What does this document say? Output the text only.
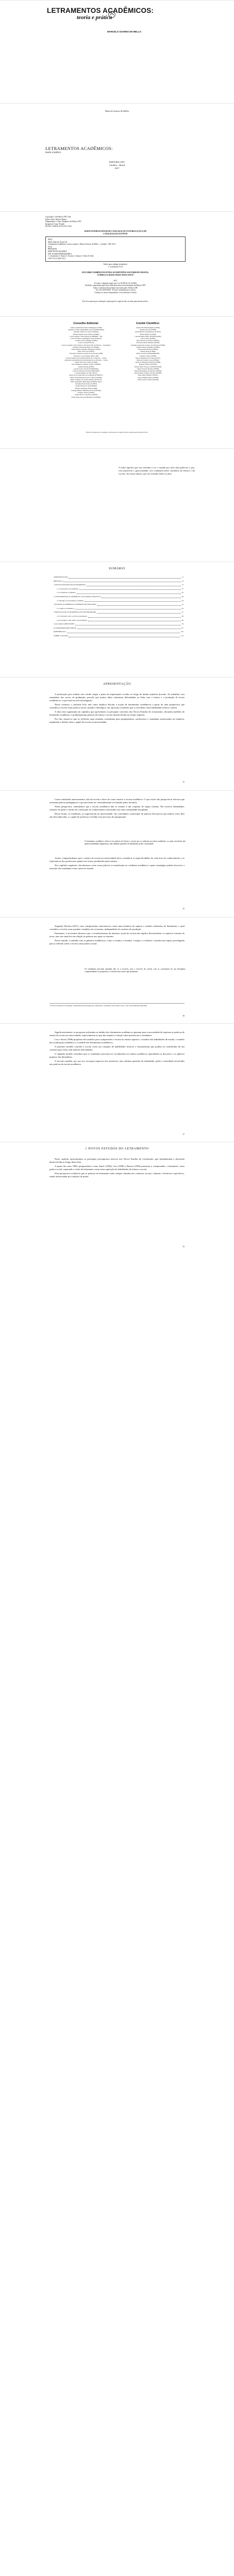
LETRAMENTOS ACADÊMICOS:
teoria e prática
MARCELO SOARES DE MELLO
Marcelo Soares de Mello
LETRAMENTOS ACADÊMICOS:
teoria e prática
EDITORA CRV
Curitiba – Brasil
2017
Copyright © da Editora CRV Ltda.
Editor-chefe: Railson Moura
Diagramação e Capa: Designers da Editora CRV
Imagem de Capa: Freepik
Revisão: Analista de Escrita e Artes
DADOS INTERNACIONAIS DE CATALOGAÇÃO NA PUBLICAÇÃO (CIP)
CATALOGAÇÃO NA FONTE
M527
Mello, Marcelo Soares de.
Letramentos acadêmicos: teoria e prática / Marcelo Soares de Mello – Curitiba : CRV, 2017.
116 p.
Bibliografia
ISBN 978-85-444-2060-2
DOI 10.24824/978854442060.2
1. Letramento 2. Ensino 3. Escrita 4. Leitura I. Título II. Série
CDU 372.4 CDD 372.4
Índice para catálogo sistemático
1. Letramento 372.4
ESTA OBRA TAMBÉM ENCONTRA-SE DISPONÍVEL EM FORMATO DIGITAL.
CONHEÇA E BAIXE NOSSO APLICATIVO!
2017
Foi feito o depósito legal conf. Lei 10.994 de 14/12/2004
Proibida a reprodução parcial ou total desta obra sem autorização da Editora CRV
Todos os direitos desta edição reservados pela: Editora CRV
Tel.: (41) 3039-6418 - E-mail: sac@editoracrv.com.br
Conheça os nossos lançamentos: www.editoracrv.com.br
Este livro passou por avaliação e aprovação às cegas de dois ou mais pareceristas ad hoc.
Conselho Editorial:
Aldira Guimarães Duarte Domínguez (UNB)
Andréia da Silva Quintanilha Sousa (UNIR/UFRN)
Anselmo Alencar Colares (UFOPA)
Antônio Pereira Gaio Júnior (UFRRJ)
Carlos Alberto Vilar Estêvão (UMINHO – PT)
Carlos Federico Dominguez Avila (Unieuro)
Carmen Tereza Velanga (UNIR)
Celso Conti (UFSCar)
Cesar Gerónimo Tello (Univer .Nacional Três de Febrero – Argentina)
Eduardo Fernandes Barbosa (UFMG)
Elione Maria Nogueira Diogenes (UFAL)
Élsio José Corá (UFFS)
Fernando Antônio Gonçalves Alcoforado (IPB)
Francisco Carlos Duarte (PUC-PR)
Gloria Fariñas León (Universidade de La Havana – Cuba)
Guillermo Arias Beatón (Universidade de La Havana – Cuba)
Jailson Alves dos Santos (UFRJ)
João Adalberto Campato Junior (UNESP)
Josania Portela (UFPI)
Leonel Severo Rocha (UNISINOS)
Lídia de Oliveira Xavier (UNIEURO)
Lourdes Helena da Silva (UFV)
Maria de Lourdes Pinto de Almeida (UNOESC)
Maria Lília Imbiriba Sousa Colares (UFOPA)
Maria Cristina dos Santos Bezerra (UFSCar)
Paulo Romualdo Hernandes (UNIFAL-MG)
Rodrigo Pratte-Santos (UFES)
Sérgio Nunes de Jesus (IFRO)
Simone Rodrigues Pinto (UNB)
Solange Helena Ximenes-Rocha (UFOPA)
Sydione Santos (UEPG)
Tadeu Oliver Gonçalves (UFPA)
Tania Suely Azevedo Brasileiro (UFOPA)
Comitê Científico:
Andrea Bonfim Perdigão (UFPR)
Andréia Tornel (UFPR)
Arlete Ribeiro Nepomuceno (UESC)
Bruna Ribeiro (UEM)
Claudia Maris Tullio (UNICENTRO)
Clécio Dutra (UFPR)
Elisa Morais de Moura (UFMG)
Franciele Maria Martiny (UFPR)
Geslaine Aparecida Caetano de Oliveira (UFPR)
Janaína Kaiser Fagundes (UFPR)
Jassia Alana Baratta (UFPR)
Juliana Rossi (UFPR)
Kátia Lacerda (UNIANDRADE)
Lidiane Coelho (UFPR)
Marcio Henrique de Souza (UFSC)
Mirella Cristina Costa (UFMA)
Newton Taniguchi Teixeira (UFPR)
Rogério Oliveira (UEPG)
Sandra Mara Stroparo (UNICENTRO)
Sérgio Ferreira Batista (UFPR)
Simone Rodrigues de Oliveira (UFPR)
Sylvia Maria Campos Teixeira (UFPR)
Tania Maria Ribeiro (UEPG)
Tiago Olimpio Prado (UFPR)
Vania Lúcia de Melo (UFAM)
Este livro passou por avaliação e aprovação às cegas de dois ou mais pareceristas ad hoc.
A todos aqueles que nos ensinam a ver o mundo por meio das palavras e que, com paciência e generosidade, nos conduzem pelos caminhos da leitura e da escrita. Aos meus alunos, que me ensinam todos os dias.
SUMÁRIO
APRESENTAÇÃO	11
PREFÁCIO	13
1 NOVOS ESTUDOS DO LETRAMENTO	15
1.1 Concepções de letramento	17
1.2 Letramento acadêmico	22
2 LETRAMENTOS ACADÊMICOS: DA TEORIA À PRÁTICA	29
2.1 Modelos de letramento acadêmico	33
3 ESCRITA ACADÊMICA E GÊNEROS DO DISCURSO	41
3.1 Gêneros acadêmicos	45
4 PRÁTICAS DE LETRAMENTO NA UNIVERSIDADE	57
4.1 O trabalho com a escrita na graduação	60
4.2 A pesquisa como prática de letramento	68
5 ALGUMAS REFLEXÕES	79
6 CONSIDERAÇÕES FINAIS	97
REFERÊNCIAS	105
SOBRE O AUTOR	115
APRESENTAÇÃO

A motivação para realizar este estudo surgiu a partir de inquietações vividas ao longo de minha trajetória docente. Ao trabalhar com estudantes dos cursos de graduação, percebi que muitos deles enfrentam dificuldades ao lidar com a leitura e a produção de textos acadêmicos, o que motivou esta investigação.

Nesse contexto, o presente livro tem como objetivo discutir a noção de letramentos acadêmicos a partir de uma perspectiva que considera a escrita como prática social, situada e ideológica, em oposição a modelos que a concebem como habilidade técnica e neutra.

A obra está organizada em capítulos que apresentam os principais conceitos dos Novos Estudos do Letramento, discutem modelos de letramento acadêmico e problematizam práticas de leitura e escrita desenvolvidas no ensino superior.

Por fim, espera-se que as reflexões aqui reunidas contribuam para pesquisadores, professores e estudantes interessados na temática, ampliando o debate sobre o papel da escrita na universidade.

11

Como enfatizado anteriormente, não há receita a dizer de como ensinar a escrita acadêmica. O que existe são perspectivas teóricas que orientam práticas pedagógicas e que precisam ser constantemente revisitadas pelos docentes.

Nesta perspectiva, entendemos que a escrita acadêmica não se resume a um conjunto de regras formais. Ela envolve identidades, relações de poder e modos de construção do conhecimento valorizados em cada comunidade disciplinar.

Dessa forma, os estudantes, ao ingressarem na universidade, são convidados a participar de práticas discursivas que muitas vezes lhes são desconhecidas, e o papel do professor é mediar esse processo de apropriação.

O letramento acadêmico refere-se às práticas de leitura e escrita que se realizam na esfera acadêmica, as quais envolvem não apenas habilidades linguísticas, mas também questões de identidade, poder e autoridade.

Assim, compreendemos que o ensino da escrita na universidade deve considerar as especificidades de cada área do conhecimento e as expectativas dos professores quanto aos textos produzidos pelos alunos.

Nos capítulos seguintes, discutiremos como essas práticas se manifestam no cotidiano acadêmico e quais estratégias podem favorecer a inserção dos estudantes nesse universo letrado.

15

Segundo Oliveira (2011), essa compreensão caracteriza-se como uma tentativa de superar o modelo autônomo de letramento, o qual considera a escrita como produto completo em si mesmo, independente do contexto de produção.

Entretanto, é necessário destacar que o reconhecimento da natureza social da escrita não implica desconsiderar os aspectos formais do texto, mas sim situá-los em relação às práticas nas quais se inserem.

Nesse sentido, o trabalho com os gêneros acadêmicos, como o resumo, a resenha, o artigo e o relatório, constitui um espaço privilegiado para a reflexão sobre a escrita como prática social.

Os estudantes precisam aprender não só a escrever, mas a escrever de acordo com as convenções de sua disciplina, compreendendo os propósitos e os leitores dos textos que produzem.
¹ Os Novos Estudos do Letramento constituem uma abordagem que compreende o letramento como prática social, e não como habilidade individual.
16

Significativamente, as pesquisas realizadas no âmbito dos letramentos acadêmicos apontam para a necessidade de repensar as práticas de ensino da escrita na universidade, especialmente no que diz respeito à relação entre professores e estudantes.

Lea e Street (1998) propõem três modelos para compreender a escrita no ensino superior: o modelo das habilidades de estudo, o modelo da socialização acadêmica e o modelo dos letramentos acadêmicos.

O primeiro modelo concebe a escrita como um conjunto de habilidades técnicas e instrumentais que podem ser transferidas de um contexto para outro sem maiores dificuldades.

O segundo modelo considera que os estudantes precisam ser socializados na cultura acadêmica, aprendendo os discursos e os gêneros próprios das disciplinas.

O terceiro modelo, por sua vez, incorpora aspectos dos anteriores, mas enfatiza questões de identidade, poder e autoridade envolvidas nas práticas de escrita acadêmica.

17
1 NOVOS ESTUDOS DO LETRAMENTO

Neste capítulo, apresentamos os principais pressupostos teóricos dos Novos Estudos do Letramento, que fundamentam a discussão desenvolvida ao longo desta obra.

A partir dos anos 1980, pesquisadores como Street (1984), Gee (1990) e Barton (1994) passaram a compreender o letramento como prática social, superando a visão de letramento como mera aquisição de habilidades de leitura e escrita.

Essa perspectiva evidencia que as práticas de letramento estão sempre situadas em contextos sociais, culturais e históricos específicos, sendo atravessadas por relações de poder.

15
